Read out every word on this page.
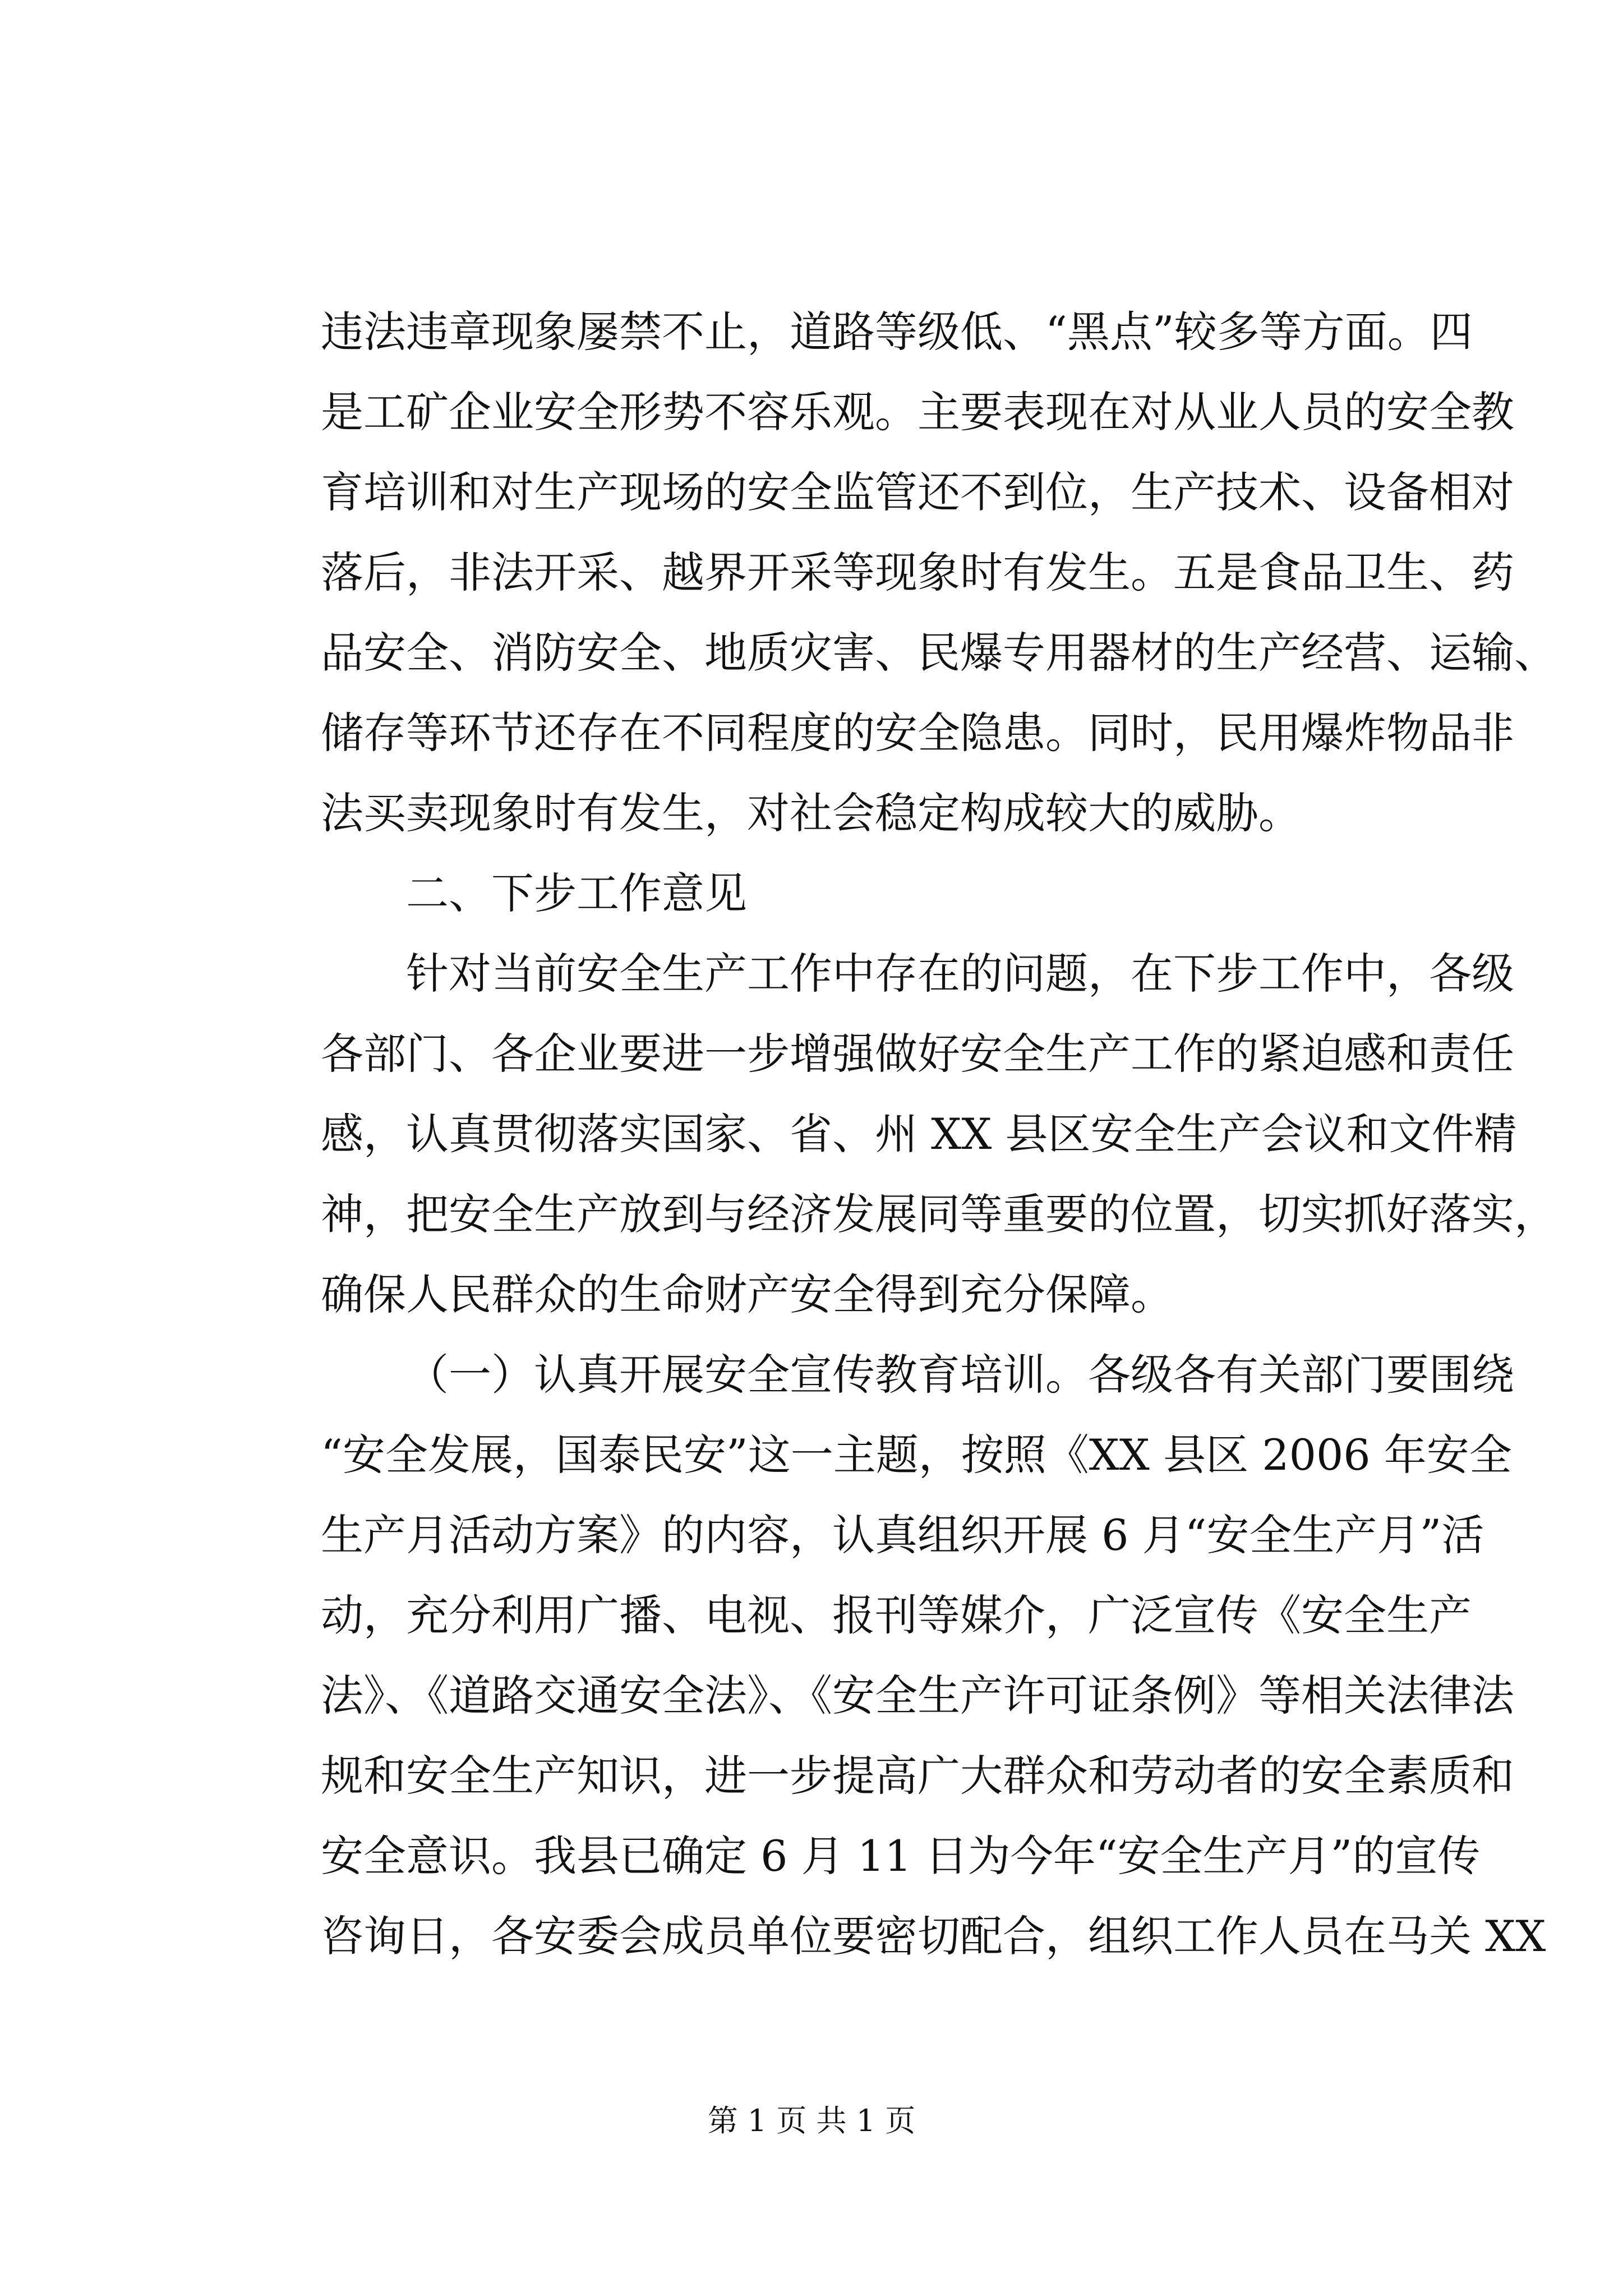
违法违章现象屡禁不止，道路等级低、“黑点”较多等方面。四
是工矿企业安全形势不容乐观。主要表现在对从业人员的安全教
育培训和对生产现场的安全监管还不到位，生产技术、设备相对
落后，非法开采、越界开采等现象时有发生。五是食品卫生、药
品安全、消防安全、地质灾害、民爆专用器材的生产经营、运输、
储存等环节还存在不同程度的安全隐患。同时，民用爆炸物品非
法买卖现象时有发生，对社会稳定构成较大的威胁。
二、下步工作意见
针对当前安全生产工作中存在的问题，在下步工作中，各级
各部门、各企业要进一步增强做好安全生产工作的紧迫感和责任
感，认真贯彻落实国家、省、州 XX 县区安全生产会议和文件精
神，把安全生产放到与经济发展同等重要的位置，切实抓好落实，
确保人民群众的生命财产安全得到充分保障。
（一）认真开展安全宣传教育培训。各级各有关部门要围绕
“安全发展，国泰民安”这一主题，按照《XX 县区 2006 年安全
生产月活动方案》的内容，认真组织开展 6 月“安全生产月”活
动，充分利用广播、电视、报刊等媒介，广泛宣传《安全生产
法》、《道路交通安全法》、《安全生产许可证条例》等相关法律法
规和安全生产知识，进一步提高广大群众和劳动者的安全素质和
安全意识。我县已确定 6 月 11 日为今年“安全生产月”的宣传
咨询日，各安委会成员单位要密切配合，组织工作人员在马关 XX
第 1 页 共 1 页
